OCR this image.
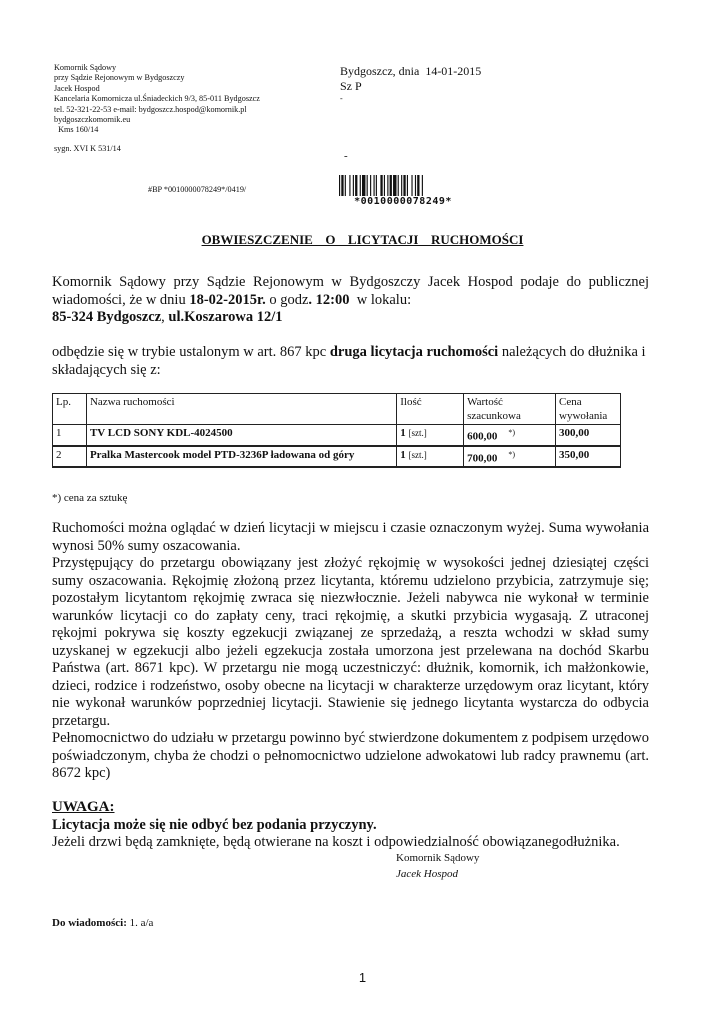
Komornik Sądowy
przy Sądzie Rejonowym w Bydgoszczy
Jacek Hospod
Kancelaria Komornicza ul.Śniadeckich 9/3, 85-011 Bydgoszcz
tel. 52-321-22-53 e-mail: bydgoszcz.hospod@komornik.pl
bydgoszczkomornik.eu
Kms 160/14
sygn. XVI K 531/14
Bydgoszcz, dnia  14-01-2015
Sz P
-
-
#BP *0010000078249*/0419/
*0010000078249*
OBWIESZCZENIE  O  LICYTACJI  RUCHOMOŚCI
Komornik Sądowy przy Sądzie Rejonowym w Bydgoszczy Jacek Hospod podaje do publicznej wiadomości, że w dniu 18-02-2015r. o godz. 12:00  w lokalu:
85-324 Bydgoszcz, ul.Koszarowa 12/1
odbędzie się w trybie ustalonym w art. 867 kpc druga licytacja ruchomości należących do dłużnika i składających się z:
Lp.	Nazwa ruchomości	Ilość	Wartość szacunkowa	Cena wywołania
1	TV LCD SONY KDL-4024500	1 [szt.]	600,00 *)	300,00
2	Pralka Mastercook model PTD-3236P ładowana od góry	1 [szt.]	700,00 *)	350,00
*) cena za sztukę
Ruchomości można oglądać w dzień licytacji w miejscu i czasie oznaczonym wyżej. Suma wywołania wynosi 50% sumy oszacowania.
Przystępujący do przetargu obowiązany jest złożyć rękojmię w wysokości jednej dziesiątej części sumy oszacowania. Rękojmię złożoną przez licytanta, któremu udzielono przybicia, zatrzymuje się; pozostałym licytantom rękojmię zwraca się niezwłocznie. Jeżeli nabywca nie wykonał w terminie warunków licytacji co do zapłaty ceny, traci rękojmię, a skutki przybicia wygasają. Z utraconej rękojmi pokrywa się koszty egzekucji związanej ze sprzedażą, a reszta wchodzi w skład sumy uzyskanej w egzekucji albo jeżeli egzekucja została umorzona jest przelewana na dochód Skarbu Państwa (art. 8671 kpc). W przetargu nie mogą uczestniczyć: dłużnik, komornik, ich małżonkowie, dzieci, rodzice i rodzeństwo, osoby obecne na licytacji w charakterze urzędowym oraz licytant, który nie wykonał warunków poprzedniej licytacji. Stawienie się jednego licytanta wystarcza do odbycia przetargu.
Pełnomocnictwo do udziału w przetargu powinno być stwierdzone dokumentem z podpisem urzędowo poświadczonym, chyba że chodzi o pełnomocnictwo udzielone adwokatowi lub radcy prawnemu (art. 8672 kpc)
UWAGA:
Licytacja może się nie odbyć bez podania przyczyny.
Jeżeli drzwi będą zamknięte, będą otwierane na koszt i odpowiedzialność obowiązanegodłużnika.
Komornik Sądowy
Jacek Hospod
Do wiadomości: 1. a/a
1
